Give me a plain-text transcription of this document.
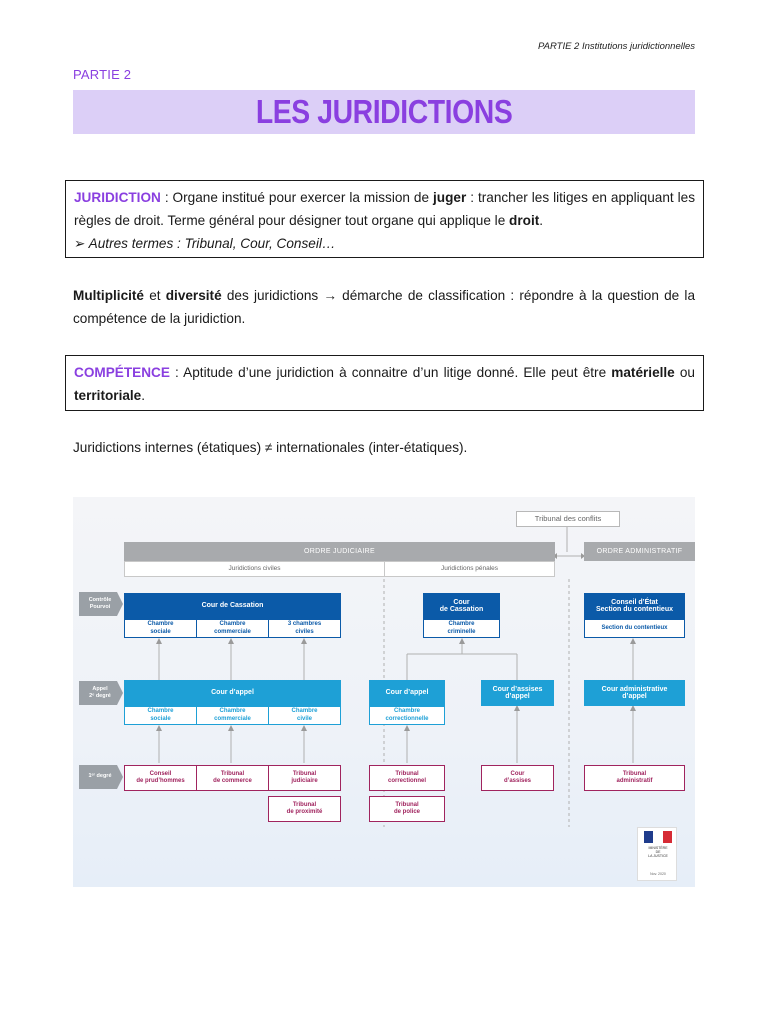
PARTIE 2 Institutions juridictionnelles
PARTIE 2
LES JURIDICTIONS
JURIDICTION : Organe institué pour exercer la mission de juger : trancher les litiges en appliquant les règles de droit. Terme général pour désigner tout organe qui applique le droit.
➢ Autres termes : Tribunal, Cour, Conseil…
Multiplicité et diversité des juridictions → démarche de classification : répondre à la question de la compétence de la juridiction.
COMPÉTENCE : Aptitude d’une juridiction à connaitre d’un litige donné. Elle peut être matérielle ou territoriale.
Juridictions internes (étatiques) ≠ internationales (inter-étatiques).
Contrôle
Pourvoi
Appel
2ᵉ degré
1ᵉʳ degré
Tribunal des conflits
ORDRE JUDICIAIRE	ORDRE ADMINISTRATIF
Juridictions civiles	Juridictions pénales
Cour de Cassation
Chambre
sociale
Chambre
commerciale
3 chambres
civiles
Cour
de Cassation
Chambre
criminelle
Conseil d’État
Section du contentieux
Section du contentieux
Cour d’appel
Chambre
sociale
Chambre
commerciale
Chambre
civile
Cour d’appel
Chambre
correctionnelle
Cour d’assises
d’appel
Cour administrative
d’appel
Conseil
de prud’hommes
Tribunal
de commerce
Tribunal
judiciaire
Tribunal
correctionnel
Cour
d’assises
Tribunal
administratif
Tribunal
de proximité
Tribunal
de police
MINISTÈRE
DE
LA JUSTICE
Nov. 2020
